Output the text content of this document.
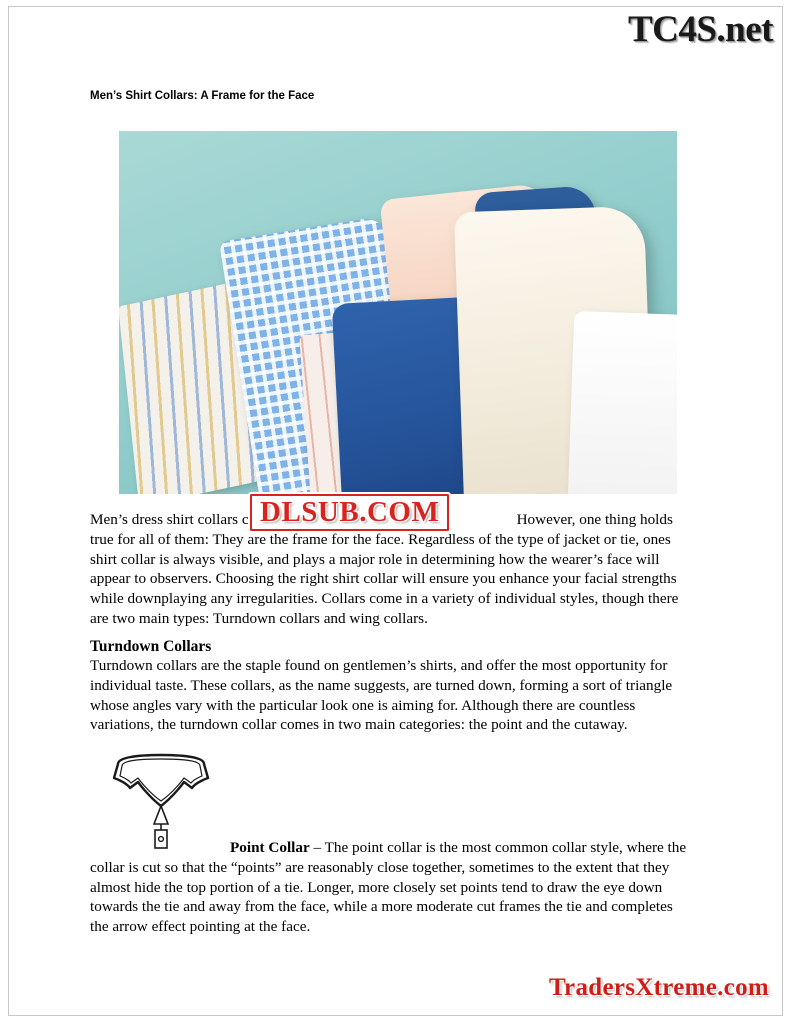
TC4S.net
Men’s Shirt Collars: A Frame for the Face
DLSUB.COM
Men’s dress shirt collars c	However, one thing holds true for all of them: They are the frame for the face. Regardless of the type of jacket or tie, ones shirt collar is always visible, and plays a major role in determining how the wearer’s face will appear to observers. Choosing the right shirt collar will ensure you enhance your facial strengths while downplaying any irregularities. Collars come in a variety of individual styles, though there are two main types: Turndown collars and wing collars.
Turndown Collars
Turndown collars are the staple found on gentlemen’s shirts, and offer the most opportunity for individual taste. These collars, as the name suggests, are turned down, forming a sort of triangle whose angles vary with the particular look one is aiming for. Although there are countless variations, the turndown collar comes in two main categories: the point and the cutaway.
Point Collar – The point collar is the most common collar style, where the collar is cut so that the “points” are reasonably close together, sometimes to the extent that they almost hide the top portion of a tie. Longer, more closely set points tend to draw the eye down towards the tie and away from the face, while a more moderate cut frames the tie and completes the arrow effect pointing at the face.
TradersXtreme.com
